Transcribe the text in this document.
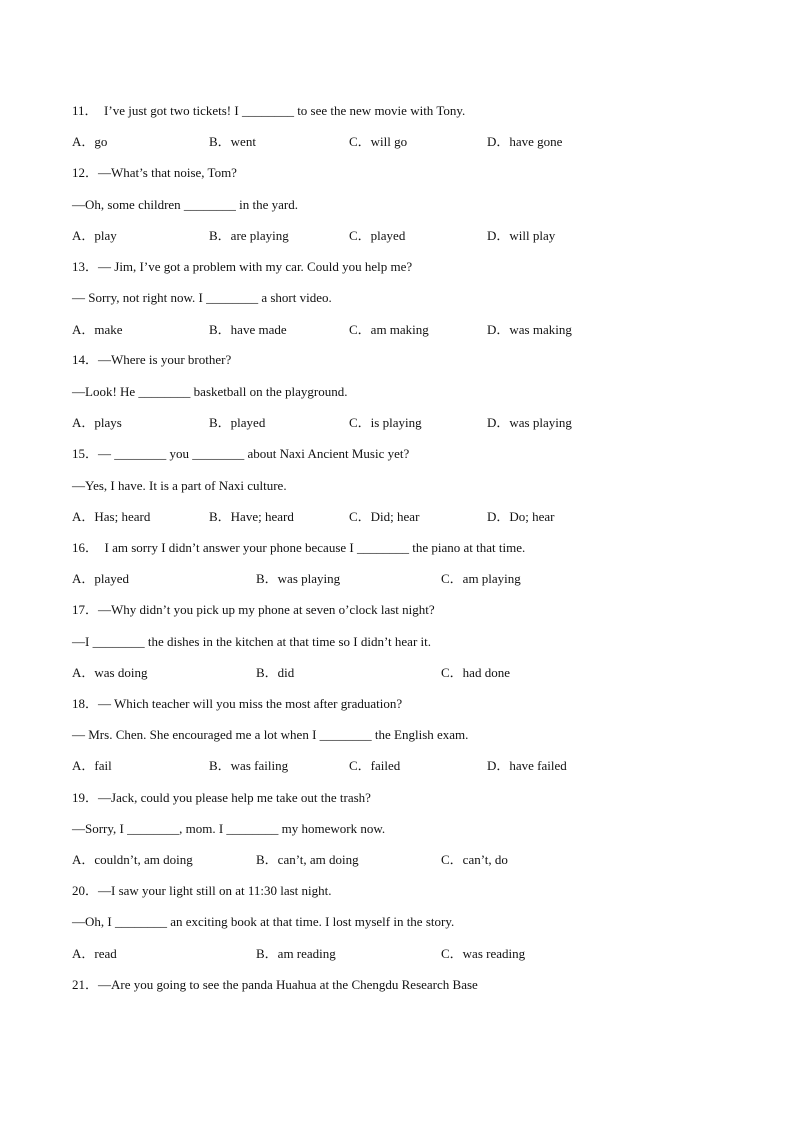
11．  I’ve just got two tickets! I ________ to see the new movie with Tony.
A．go	B．went	C．will go	D．have gone
12．—What’s that noise, Tom?
—Oh, some children ________ in the yard.
A．play	B．are playing	C．played	D．will play
13．— Jim, I’ve got a problem with my car. Could you help me?
— Sorry, not right now. I ________ a short video.
A．make	B．have made	C．am making	D．was making
14．—Where is your brother?
—Look! He ________ basketball on the playground.
A．plays	B．played	C．is playing	D．was playing
15．— ________ you ________ about Naxi Ancient Music yet?
—Yes, I have. It is a part of Naxi culture.
A．Has; heard	B．Have; heard	C．Did; hear	D．Do; hear
16．  I am sorry I didn’t answer your phone because I ________ the piano at that time.
A．played	B．was playing	C．am playing
17．—Why didn’t you pick up my phone at seven o’clock last night?
—I ________ the dishes in the kitchen at that time so I didn’t hear it.
A．was doing	B．did	C．had done
18．— Which teacher will you miss the most after graduation?
— Mrs. Chen. She encouraged me a lot when I ________ the English exam.
A．fail	B．was failing	C．failed	D．have failed
19．—Jack, could you please help me take out the trash?
—Sorry, I ________, mom. I ________ my homework now.
A．couldn’t, am doing	B．can’t, am doing	C．can’t, do
20．—I saw your light still on at 11:30 last night.
—Oh, I ________ an exciting book at that time. I lost myself in the story.
A．read	B．am reading	C．was reading
21．—Are you going to see the panda Huahua at the Chengdu Research Base
